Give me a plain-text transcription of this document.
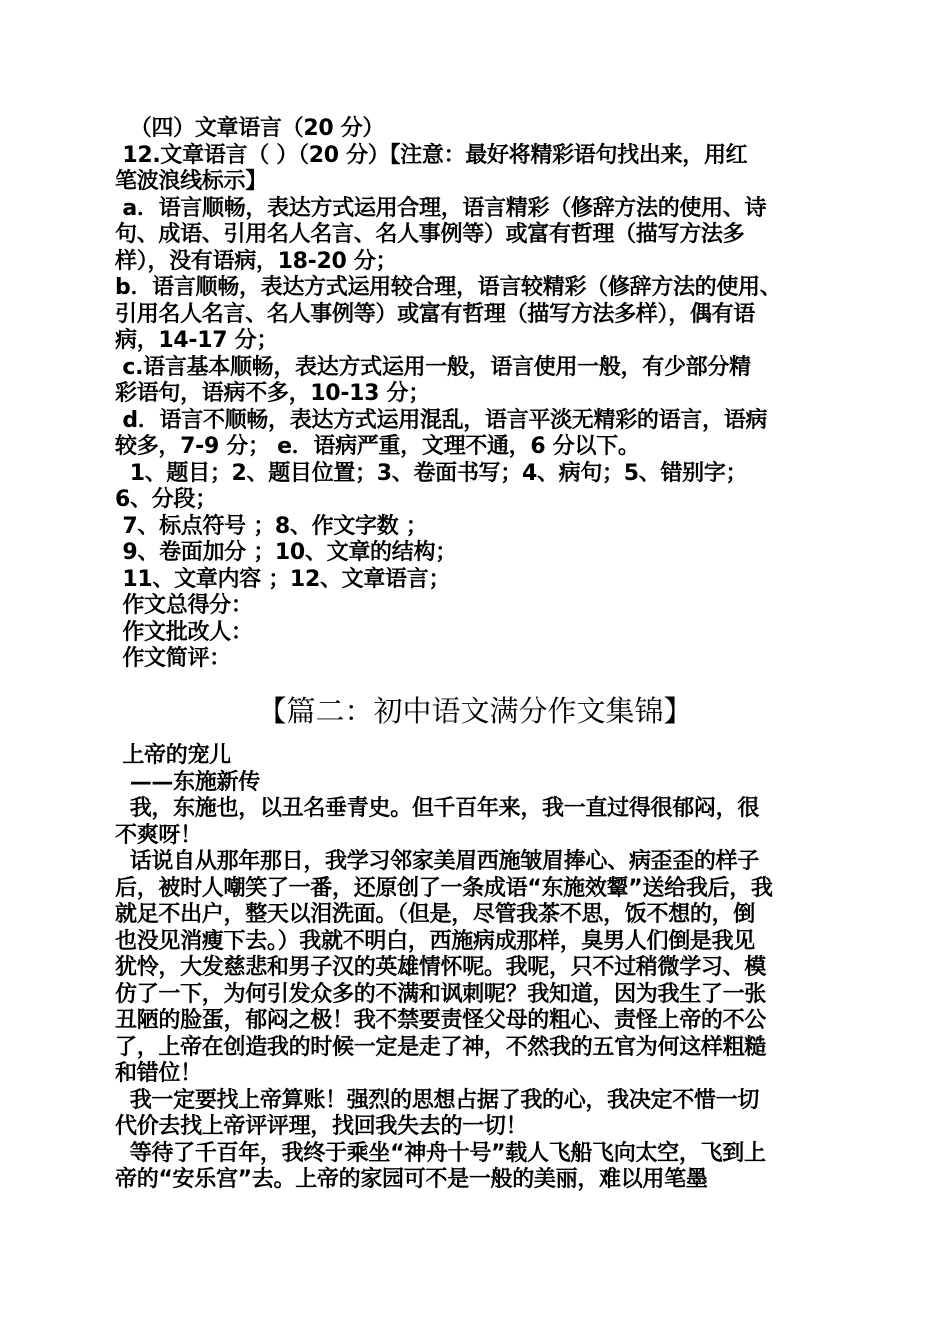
（四）文章语言（20 分）
12.文章语言（ ）（20 分）【注意：最好将精彩语句找出来，用红
笔波浪线标示】
a．语言顺畅，表达方式运用合理，语言精彩（修辞方法的使用、诗
句、成语、引用名人名言、名人事例等）或富有哲理（描写方法多
样），没有语病，18-20 分；
b．语言顺畅，表达方式运用较合理，语言较精彩（修辞方法的使用、
引用名人名言、名人事例等）或富有哲理（描写方法多样），偶有语
病，14-17 分；
c.语言基本顺畅，表达方式运用一般，语言使用一般，有少部分精
彩语句，语病不多，10-13 分；
d．语言不顺畅，表达方式运用混乱，语言平淡无精彩的语言，语病
较多，7-9 分； e．语病严重，文理不通，6 分以下。
1、题目；2、题目位置；3、卷面书写；4、病句；5、错别字；
6、分段；
7、标点符号 ；8、作文字数 ；
9、卷面加分 ；10、文章的结构；
11、文章内容 ；12、文章语言；
作文总得分：
作文批改人：
作文简评：
【篇二：初中语文满分作文集锦】
上帝的宠儿
——东施新传
我，东施也，以丑名垂青史。但千百年来，我一直过得很郁闷，很
不爽呀！
话说自从那年那日，我学习邻家美眉西施皱眉捧心、病歪歪的样子
后，被时人嘲笑了一番，还原创了一条成语“东施效颦”送给我后，我
就足不出户，整天以泪洗面。（但是，尽管我茶不思，饭不想的，倒
也没见消瘦下去。）我就不明白，西施病成那样，臭男人们倒是我见
犹怜，大发慈悲和男子汉的英雄情怀呢。我呢，只不过稍微学习、模
仿了一下，为何引发众多的不满和讽刺呢？我知道，因为我生了一张
丑陋的脸蛋，郁闷之极！我不禁要责怪父母的粗心、责怪上帝的不公
了，上帝在创造我的时候一定是走了神，不然我的五官为何这样粗糙
和错位！
我一定要找上帝算账！强烈的思想占据了我的心，我决定不惜一切
代价去找上帝评评理，找回我失去的一切！
等待了千百年，我终于乘坐“神舟十号”载人飞船飞向太空，飞到上
帝的“安乐宫”去。上帝的家园可不是一般的美丽，难以用笔墨
